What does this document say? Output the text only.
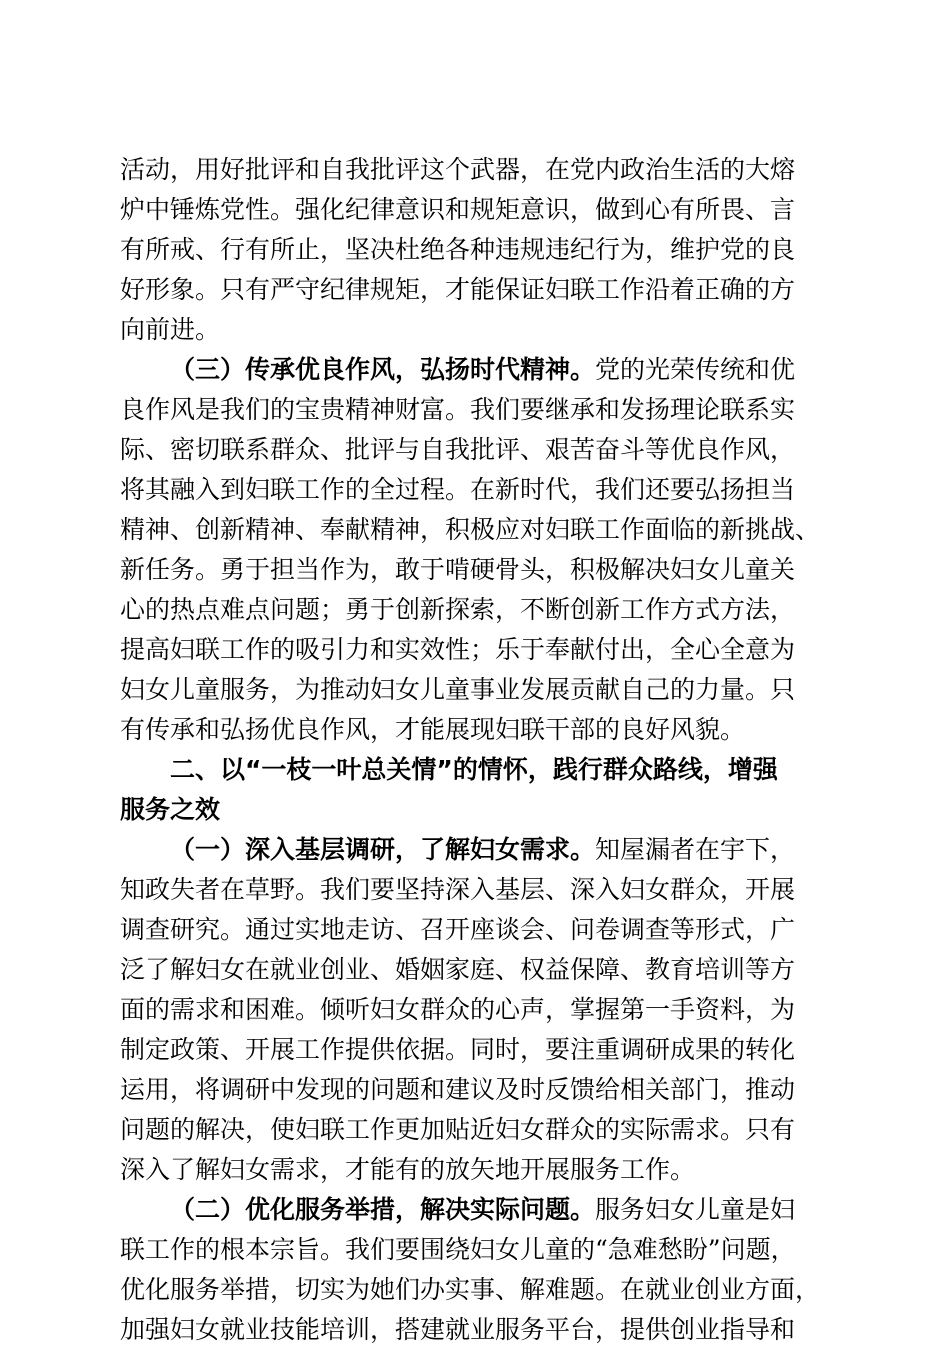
活动，用好批评和自我批评这个武器，在党内政治生活的大熔
炉中锤炼党性。强化纪律意识和规矩意识，做到心有所畏、言
有所戒、行有所止，坚决杜绝各种违规违纪行为，维护党的良
好形象。只有严守纪律规矩，才能保证妇联工作沿着正确的方
向前进。
（三）传承优良作风，弘扬时代精神。党的光荣传统和优
良作风是我们的宝贵精神财富。我们要继承和发扬理论联系实
际、密切联系群众、批评与自我批评、艰苦奋斗等优良作风，
将其融入到妇联工作的全过程。在新时代，我们还要弘扬担当
精神、创新精神、奉献精神，积极应对妇联工作面临的新挑战、
新任务。勇于担当作为，敢于啃硬骨头，积极解决妇女儿童关
心的热点难点问题；勇于创新探索，不断创新工作方式方法，
提高妇联工作的吸引力和实效性；乐于奉献付出，全心全意为
妇女儿童服务，为推动妇女儿童事业发展贡献自己的力量。只
有传承和弘扬优良作风，才能展现妇联干部的良好风貌。
二、以“一枝一叶总关情”的情怀，践行群众路线，增强
服务之效
（一）深入基层调研，了解妇女需求。知屋漏者在宇下，
知政失者在草野。我们要坚持深入基层、深入妇女群众，开展
调查研究。通过实地走访、召开座谈会、问卷调查等形式，广
泛了解妇女在就业创业、婚姻家庭、权益保障、教育培训等方
面的需求和困难。倾听妇女群众的心声，掌握第一手资料，为
制定政策、开展工作提供依据。同时，要注重调研成果的转化
运用，将调研中发现的问题和建议及时反馈给相关部门，推动
问题的解决，使妇联工作更加贴近妇女群众的实际需求。只有
深入了解妇女需求，才能有的放矢地开展服务工作。
（二）优化服务举措，解决实际问题。服务妇女儿童是妇
联工作的根本宗旨。我们要围绕妇女儿童的“急难愁盼”问题，
优化服务举措，切实为她们办实事、解难题。在就业创业方面，
加强妇女就业技能培训，搭建就业服务平台，提供创业指导和
